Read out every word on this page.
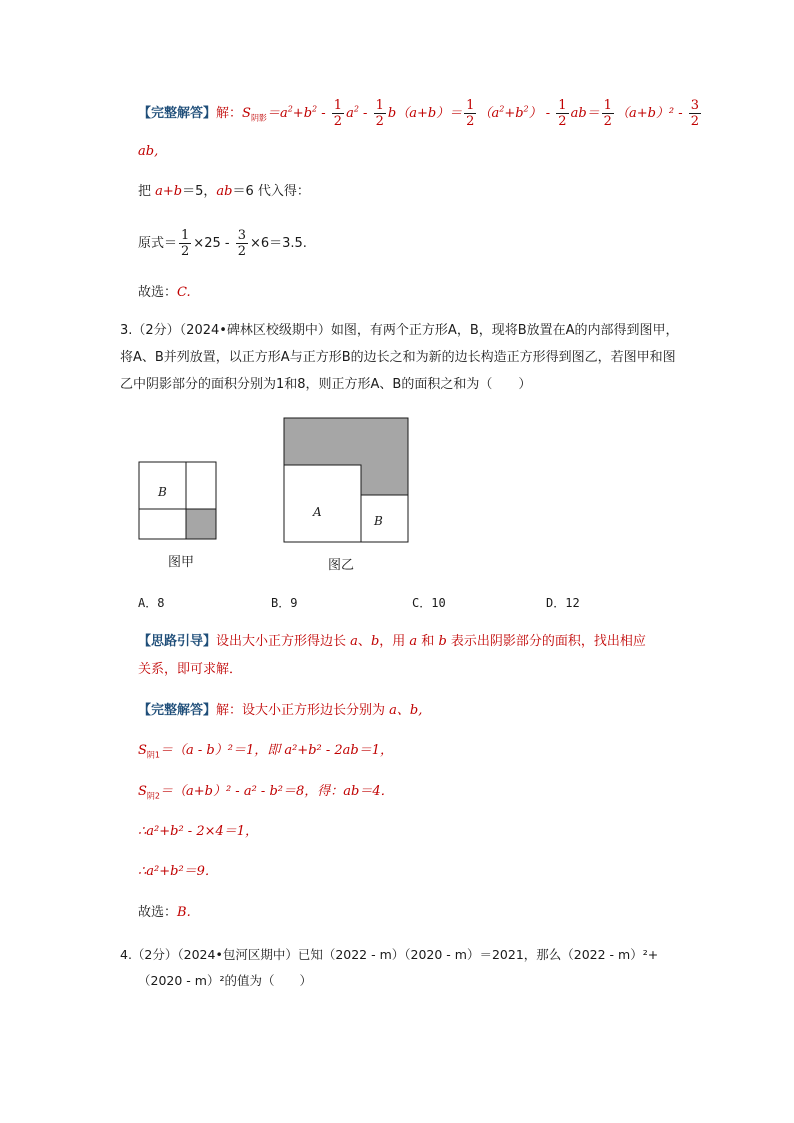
【完整解答】解：$S_{阴影}=a^2+b^2 - \frac{1}{2} a^2 - \frac{1}{2} b(a+b)= \frac{1}{2} (a^2+b^2) - \frac{1}{2} ab= \frac{1}{2} (a+b)^2 - \frac{3}{2}$
ab,
把 a+b＝5，ab＝6 代入得：
原式＝ $\frac{1}{2} \times 25 - \frac{3}{2} \times 6=3.5$.
故选：C.
3.（2分）（2024•碑林区校级期中）如图，有两个正方形A，B，现将B放置在A的内部得到图甲，将A、B并列放置，以正方形A与正方形B的边长之和为新的边长构造正方形得到图乙，若图甲和图乙中阴影部分的面积分别为1和8，则正方形A、B的面积之和为（　　）
B
图甲
A
B
图乙
A．8	B．9	C．10	D．12
【思路引导】设出大小正方形得边长 a、b，用 a 和 b 表示出阴影部分的面积，找出相应
关系，即可求解．
【完整解答】解：设大小正方形边长分别为 a、b,
$S_{阴1}=(a - b)^2=1$，即 a²+b² - 2ab＝1，
$S_{阴2}=(a+b)^2 - a^2 - b^2=8$，得：ab＝4．
∴a²+b² - 2×4＝1，
∴a²+b²＝9．
故选：B.
4.（2分）（2024•包河区期中）已知（2022 - m）（2020 - m）＝2021，那么（2022 - m）²+
（2020 - m）²的值为（　　）
